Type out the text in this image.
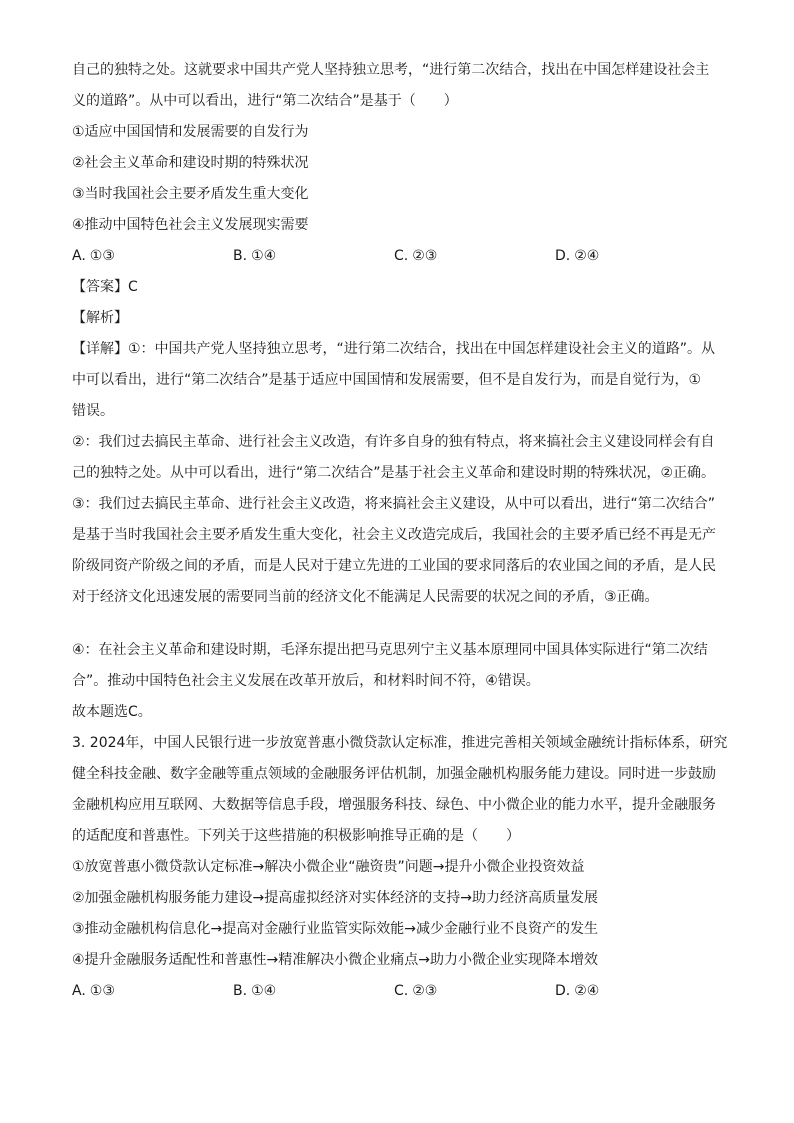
自己的独特之处。这就要求中国共产党人坚持独立思考，“进行第二次结合，找出在中国怎样建设社会主
义的道路”。从中可以看出，进行“第二次结合”是基于（　　）
①适应中国国情和发展需要的自发行为
②社会主义革命和建设时期的特殊状况
③当时我国社会主要矛盾发生重大变化
④推动中国特色社会主义发展现实需要
A. ①③	B. ①④	C. ②③	D. ②④
【答案】C
【解析】
【详解】①：中国共产党人坚持独立思考，“进行第二次结合，找出在中国怎样建设社会主义的道路”。从
中可以看出，进行“第二次结合”是基于适应中国国情和发展需要，但不是自发行为，而是自觉行为，①
错误。
②：我们过去搞民主革命、进行社会主义改造，有许多自身的独有特点，将来搞社会主义建设同样会有自
己的独特之处。从中可以看出，进行“第二次结合”是基于社会主义革命和建设时期的特殊状况，②正确。
③：我们过去搞民主革命、进行社会主义改造，将来搞社会主义建设，从中可以看出，进行“第二次结合”
是基于当时我国社会主要矛盾发生重大变化，社会主义改造完成后，我国社会的主要矛盾已经不再是无产
阶级同资产阶级之间的矛盾，而是人民对于建立先进的工业国的要求同落后的农业国之间的矛盾，是人民
对于经济文化迅速发展的需要同当前的经济文化不能满足人民需要的状况之间的矛盾，③正确。
④：在社会主义革命和建设时期，毛泽东提出把马克思列宁主义基本原理同中国具体实际进行“第二次结
合”。推动中国特色社会主义发展在改革开放后，和材料时间不符，④错误。
故本题选C。
3. 2024年，中国人民银行进一步放宽普惠小微贷款认定标准，推进完善相关领域金融统计指标体系，研究
健全科技金融、数字金融等重点领域的金融服务评估机制，加强金融机构服务能力建设。同时进一步鼓励
金融机构应用互联网、大数据等信息手段，增强服务科技、绿色、中小微企业的能力水平，提升金融服务
的适配度和普惠性。下列关于这些措施的积极影响推导正确的是（　　）
①放宽普惠小微贷款认定标准→解决小微企业“融资贵”问题→提升小微企业投资效益
②加强金融机构服务能力建设→提高虚拟经济对实体经济的支持→助力经济高质量发展
③推动金融机构信息化→提高对金融行业监管实际效能→减少金融行业不良资产的发生
④提升金融服务适配性和普惠性→精准解决小微企业痛点→助力小微企业实现降本增效
A. ①③	B. ①④	C. ②③	D. ②④
